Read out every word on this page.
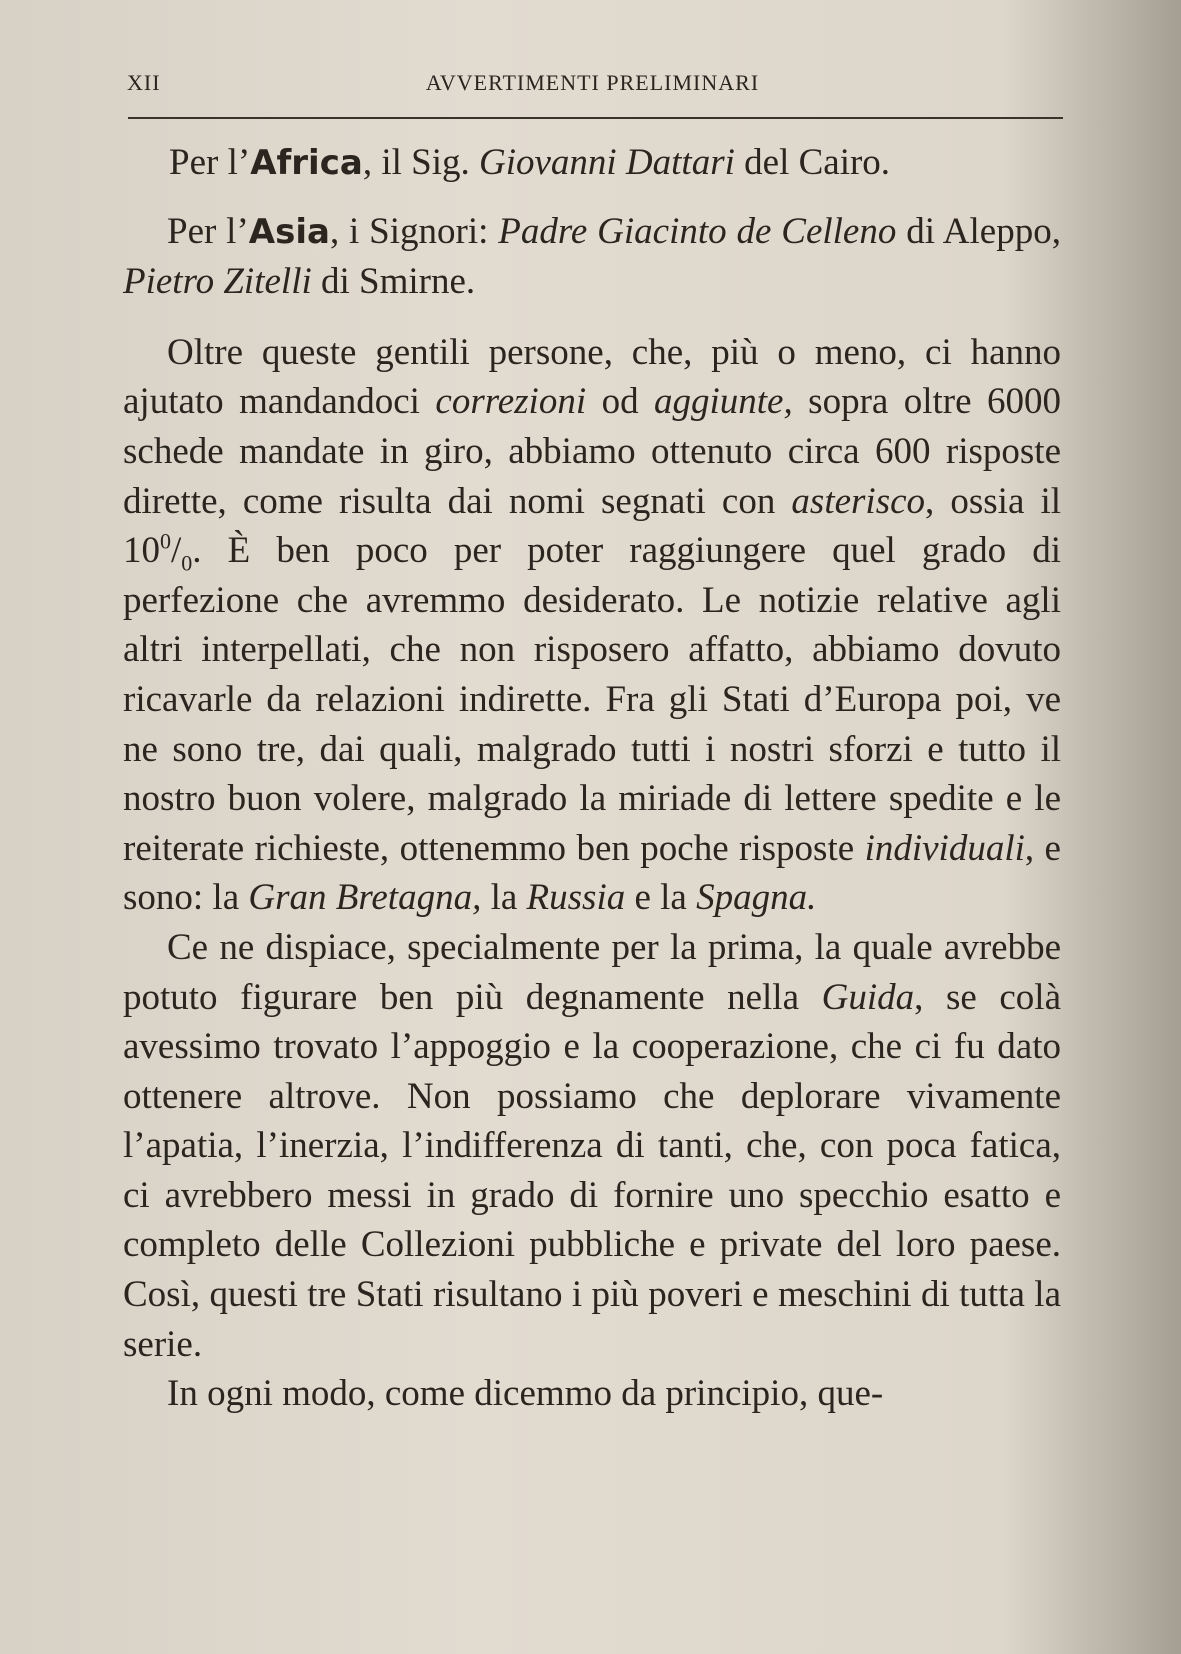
XII	AVVERTIMENTI PRELIMINARI

Per l’Africa, il Sig. Giovanni Dattari del Cairo.

Per l’Asia, i Signori: Padre Giacinto de Celleno di Aleppo, Pietro Zitelli di Smirne.

Oltre queste gentili persone, che, più o meno, ci hanno ajutato mandandoci correzioni od aggiunte, sopra oltre 6000 schede mandate in giro, abbiamo ottenuto circa 600 risposte dirette, come risulta dai nomi segnati con asterisco, ossia il $10^0/_0$. È ben poco per poter raggiungere quel grado di perfezione che avremmo desiderato. Le notizie relative agli altri interpellati, che non risposero affatto, abbiamo dovuto ricavarle da relazioni indirette. Fra gli Stati d’Europa poi, ve ne sono tre, dai quali, malgrado tutti i nostri sforzi e tutto il nostro buon volere, malgrado la miriade di lettere spedite e le reiterate richieste, ottenemmo ben poche risposte individuali, e sono: la Gran Bretagna, la Russia e la Spagna.

Ce ne dispiace, specialmente per la prima, la quale avrebbe potuto figurare ben più degnamente nella Guida, se colà avessimo trovato l’appoggio e la cooperazione, che ci fu dato ottenere altrove. Non possiamo che deplorare vivamente l’apatia, l’inerzia, l’indifferenza di tanti, che, con poca fatica, ci avrebbero messi in grado di fornire uno specchio esatto e completo delle Collezioni pubbliche e private del loro paese. Così, questi tre Stati risultano i più poveri e meschini di tutta la serie.

In ogni modo, come dicemmo da principio, que-
